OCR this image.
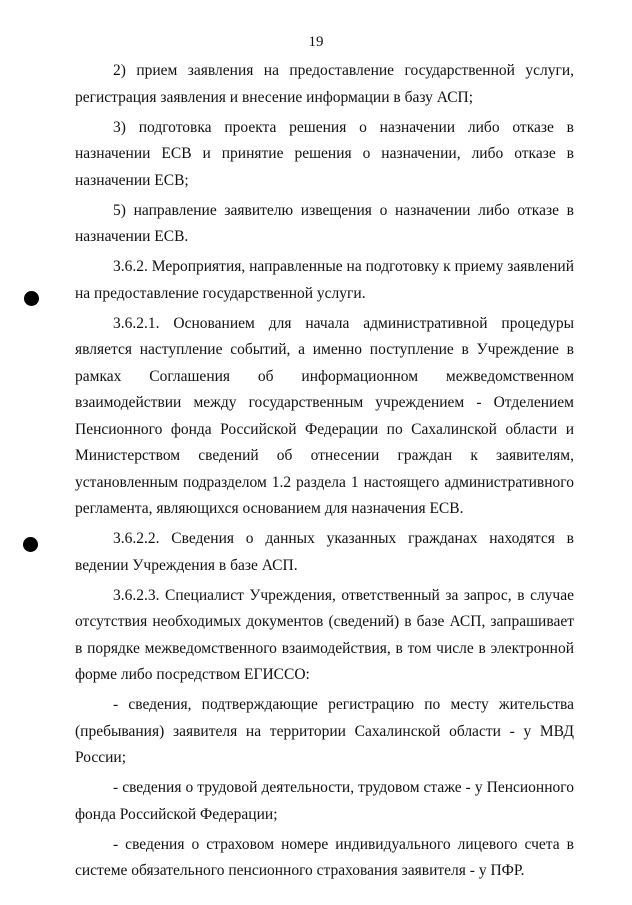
19

2) прием заявления на предоставление государственной услуги, регистрация заявления и внесение информации в базу АСП;

3) подготовка проекта решения о назначении либо отказе в назначении ЕСВ и принятие решения о назначении, либо отказе в назначении ЕСВ;

5) направление заявителю извещения о назначении либо отказе в назначении ЕСВ.

3.6.2. Мероприятия, направленные на подготовку к приему заявлений на предоставление государственной услуги.

3.6.2.1. Основанием для начала административной процедуры является наступление событий, а именно поступление в Учреждение в рамках Соглашения об информационном межведомственном взаимодействии между государственным учреждением - Отделением Пенсионного фонда Российской Федерации по Сахалинской области и Министерством сведений об отнесении граждан к заявителям, установленным подразделом 1.2 раздела 1 настоящего административного регламента, являющихся основанием для назначения ЕСВ.

3.6.2.2. Сведения о данных указанных гражданах находятся в ведении Учреждения в базе АСП.

3.6.2.3. Специалист Учреждения, ответственный за запрос, в случае отсутствия необходимых документов (сведений) в базе АСП, запрашивает в порядке межведомственного взаимодействия, в том числе в электронной форме либо посредством ЕГИССО:

- сведения, подтверждающие регистрацию по месту жительства (пребывания) заявителя на территории Сахалинской области - у МВД России;

- сведения о трудовой деятельности, трудовом стаже - у Пенсионного фонда Российской Федерации;

- сведения о страховом номере индивидуального лицевого счета в системе обязательного пенсионного страхования заявителя - у ПФР.
